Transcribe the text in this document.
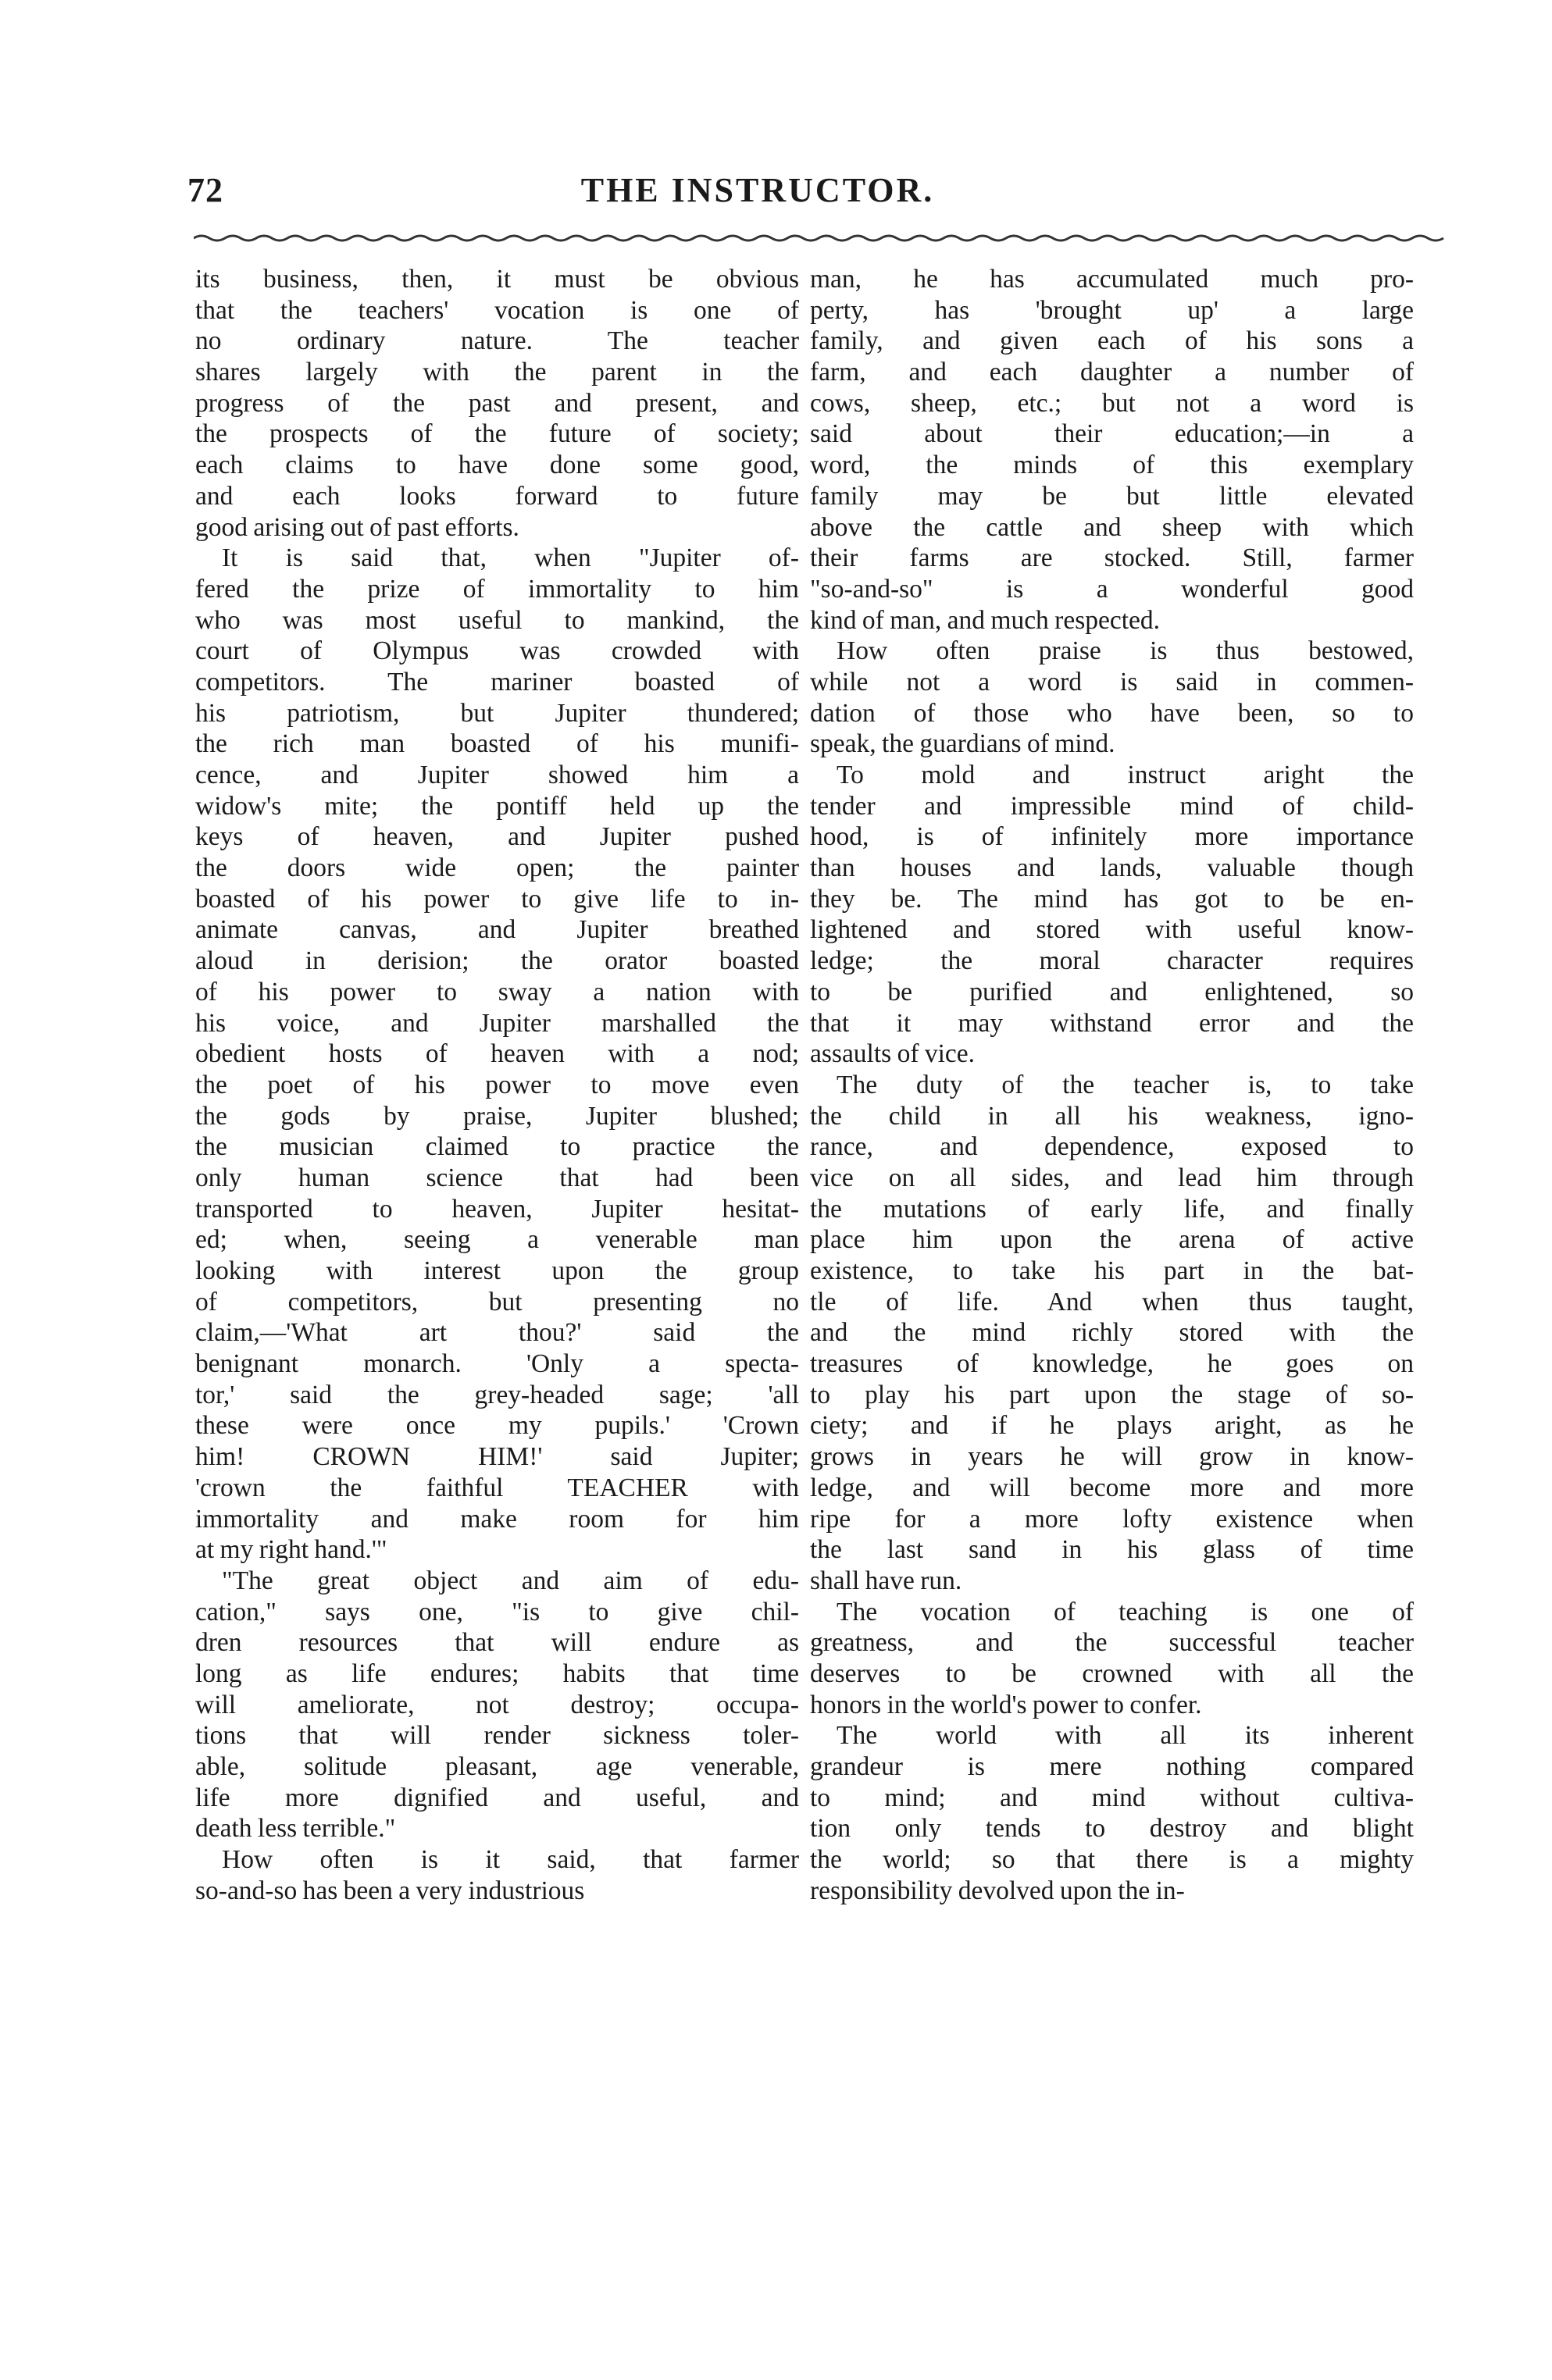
72	THE INSTRUCTOR.
its business, then, it must be obvious
that the teachers' vocation is one of
no ordinary nature. The teacher
shares largely with the parent in the
progress of the past and present, and
the prospects of the future of society;
each claims to have done some good,
and each looks forward to future
good arising out of past efforts.
It is said that, when "Jupiter of-
fered the prize of immortality to him
who was most useful to mankind, the
court of Olympus was crowded with
competitors. The mariner boasted of
his patriotism, but Jupiter thundered;
the rich man boasted of his munifi-
cence, and Jupiter showed him a
widow's mite; the pontiff held up the
keys of heaven, and Jupiter pushed
the doors wide open; the painter
boasted of his power to give life to in-
animate canvas, and Jupiter breathed
aloud in derision; the orator boasted
of his power to sway a nation with
his voice, and Jupiter marshalled the
obedient hosts of heaven with a nod;
the poet of his power to move even
the gods by praise, Jupiter blushed;
the musician claimed to practice the
only human science that had been
transported to heaven, Jupiter hesitat-
ed; when, seeing a venerable man
looking with interest upon the group
of competitors, but presenting no
claim,—'What art thou?' said the
benignant monarch. 'Only a specta-
tor,' said the grey-headed sage; 'all
these were once my pupils.' 'Crown
him! CROWN HIM!' said Jupiter;
'crown the faithful TEACHER with
immortality and make room for him
at my right hand.'"
"The great object and aim of edu-
cation," says one, "is to give chil-
dren resources that will endure as
long as life endures; habits that time
will ameliorate, not destroy; occupa-
tions that will render sickness toler-
able, solitude pleasant, age venerable,
life more dignified and useful, and
death less terrible."
How often is it said, that farmer
so-and-so has been a very industrious
man, he has accumulated much pro-
perty, has 'brought up' a large
family, and given each of his sons a
farm, and each daughter a number of
cows, sheep, etc.; but not a word is
said about their education;—in a
word, the minds of this exemplary
family may be but little elevated
above the cattle and sheep with which
their farms are stocked. Still, farmer
"so-and-so" is a wonderful good
kind of man, and much respected.
How often praise is thus bestowed,
while not a word is said in commen-
dation of those who have been, so to
speak, the guardians of mind.
To mold and instruct aright the
tender and impressible mind of child-
hood, is of infinitely more importance
than houses and lands, valuable though
they be. The mind has got to be en-
lightened and stored with useful know-
ledge; the moral character requires
to be purified and enlightened, so
that it may withstand error and the
assaults of vice.
The duty of the teacher is, to take
the child in all his weakness, igno-
rance, and dependence, exposed to
vice on all sides, and lead him through
the mutations of early life, and finally
place him upon the arena of active
existence, to take his part in the bat-
tle of life. And when thus taught,
and the mind richly stored with the
treasures of knowledge, he goes on
to play his part upon the stage of so-
ciety; and if he plays aright, as he
grows in years he will grow in know-
ledge, and will become more and more
ripe for a more lofty existence when
the last sand in his glass of time
shall have run.
The vocation of teaching is one of
greatness, and the successful teacher
deserves to be crowned with all the
honors in the world's power to confer.
The world with all its inherent
grandeur is mere nothing compared
to mind; and mind without cultiva-
tion only tends to destroy and blight
the world; so that there is a mighty
responsibility devolved upon the in-
